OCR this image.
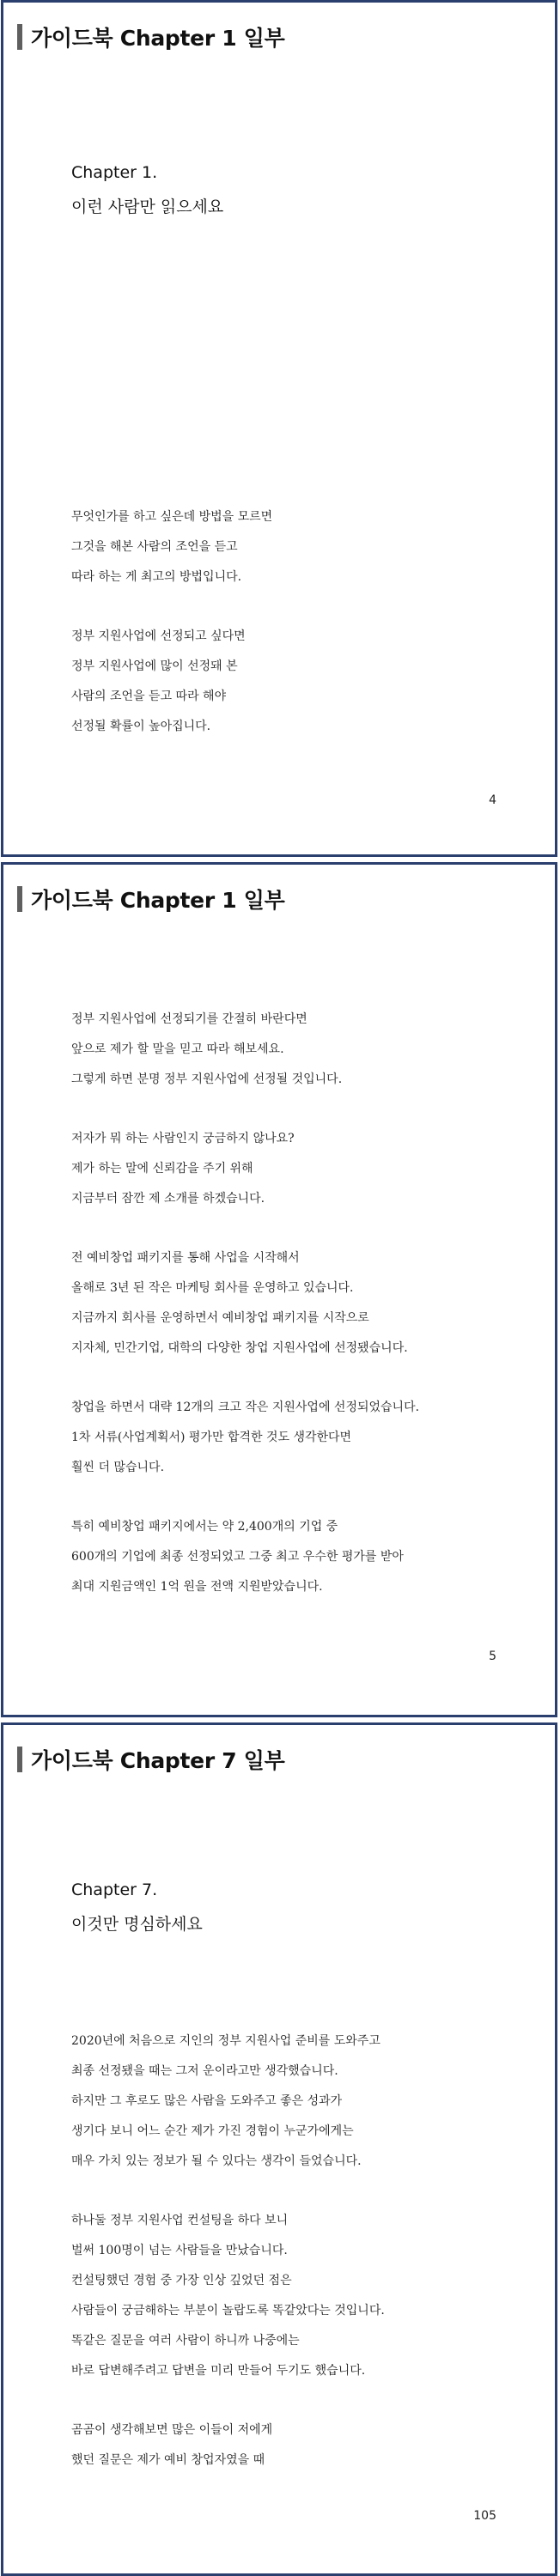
가이드북 Chapter 1 일부
Chapter 1.
이런 사람만 읽으세요
무엇인가를 하고 싶은데 방법을 모르면
그것을 해본 사람의 조언을 듣고
따라 하는 게 최고의 방법입니다.
정부 지원사업에 선정되고 싶다면
정부 지원사업에 많이 선정돼 본
사람의 조언을 듣고 따라 해야
선정될 확률이 높아집니다.
4
가이드북 Chapter 1 일부
정부 지원사업에 선정되기를 간절히 바란다면
앞으로 제가 할 말을 믿고 따라 해보세요.
그렇게 하면 분명 정부 지원사업에 선정될 것입니다.
저자가 뭐 하는 사람인지 궁금하지 않나요?
제가 하는 말에 신뢰감을 주기 위해
지금부터 잠깐 제 소개를 하겠습니다.
전 예비창업 패키지를 통해 사업을 시작해서
올해로 3년 된 작은 마케팅 회사를 운영하고 있습니다.
지금까지 회사를 운영하면서 예비창업 패키지를 시작으로
지자체, 민간기업, 대학의 다양한 창업 지원사업에 선정됐습니다.
창업을 하면서 대략 12개의 크고 작은 지원사업에 선정되었습니다.
1차 서류(사업계획서) 평가만 합격한 것도 생각한다면
훨씬 더 많습니다.
특히 예비창업 패키지에서는 약 2,400개의 기업 중
600개의 기업에 최종 선정되었고 그중 최고 우수한 평가를 받아
최대 지원금액인 1억 원을 전액 지원받았습니다.
5
가이드북 Chapter 7 일부
Chapter 7.
이것만 명심하세요
2020년에 처음으로 지인의 정부 지원사업 준비를 도와주고
최종 선정됐을 때는 그저 운이라고만 생각했습니다.
하지만 그 후로도 많은 사람을 도와주고 좋은 성과가
생기다 보니 어느 순간 제가 가진 경험이 누군가에게는
매우 가치 있는 정보가 될 수 있다는 생각이 들었습니다.
하나둘 정부 지원사업 컨설팅을 하다 보니
벌써 100명이 넘는 사람들을 만났습니다.
컨설팅했던 경험 중 가장 인상 깊었던 점은
사람들이 궁금해하는 부분이 놀랍도록 똑같았다는 것입니다.
똑같은 질문을 여러 사람이 하니까 나중에는
바로 답변해주려고 답변을 미리 만들어 두기도 했습니다.
곰곰이 생각해보면 많은 이들이 저에게
했던 질문은 제가 예비 창업자였을 때
105
